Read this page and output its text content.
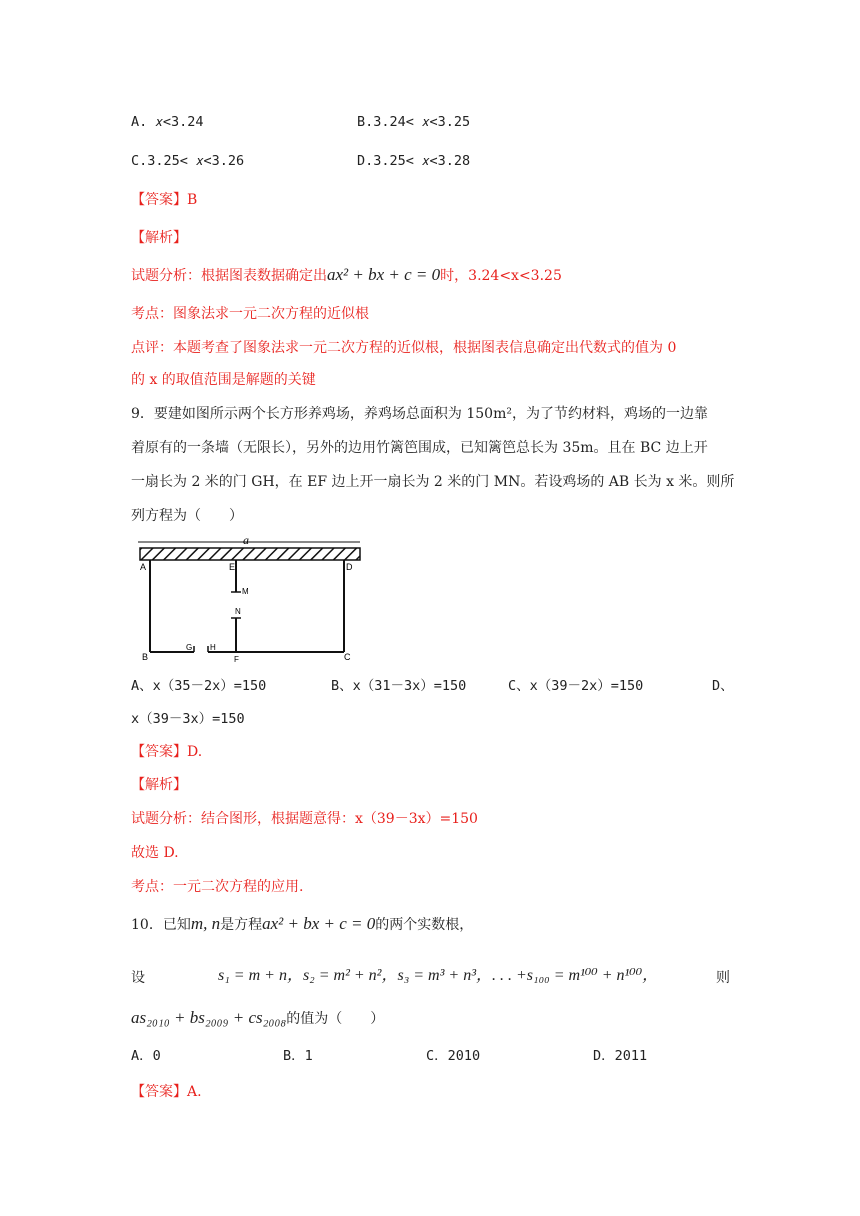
A. 𝑥<3.24	B.3.24< 𝑥<3.25
C.3.25< 𝑥<3.26	D.3.25< 𝑥<3.28
【答案】B
【解析】
试题分析：根据图表数据确定出ax² + bx + c = 0时，3.24<x<3.25
考点：图象法求一元二次方程的近似根
点评：本题考查了图象法求一元二次方程的近似根，根据图表信息确定出代数式的值为 0
的 x 的取值范围是解题的关键
9．要建如图所示两个长方形养鸡场，养鸡场总面积为 150m²，为了节约材料，鸡场的一边靠
着原有的一条墙（无限长），另外的边用竹篱笆围成，已知篱笆总长为 35m。且在 BC 边上开
一扇长为 2 米的门 GH，在 EF 边上开一扇长为 2 米的门 MN。若设鸡场的 AB 长为 x 米。则所
列方程为（　　）
a
A	E	D
M
N
B
G H
F	C
A、x（35－2x）=150	B、x（31－3x）=150	C、x（39－2x）=150	D、
x（39－3x）=150
【答案】D.
【解析】
试题分析：结合图形，根据题意得：x（39－3x）=150
故选 D.
考点：一元二次方程的应用.
10．已知m, n是方程ax² + bx + c = 0的两个实数根，
设	s₁ = m + n，s₂ = m² + n²，s₃ = m³ + n³，. . . +s₁₀₀ = m¹⁰⁰ + n¹⁰⁰，	则
as₂₀₁₀ + bs₂₀₀₉ + cs₂₀₀₈的值为（　　）
A．0	B．1	C．2010	D．2011
【答案】A.
